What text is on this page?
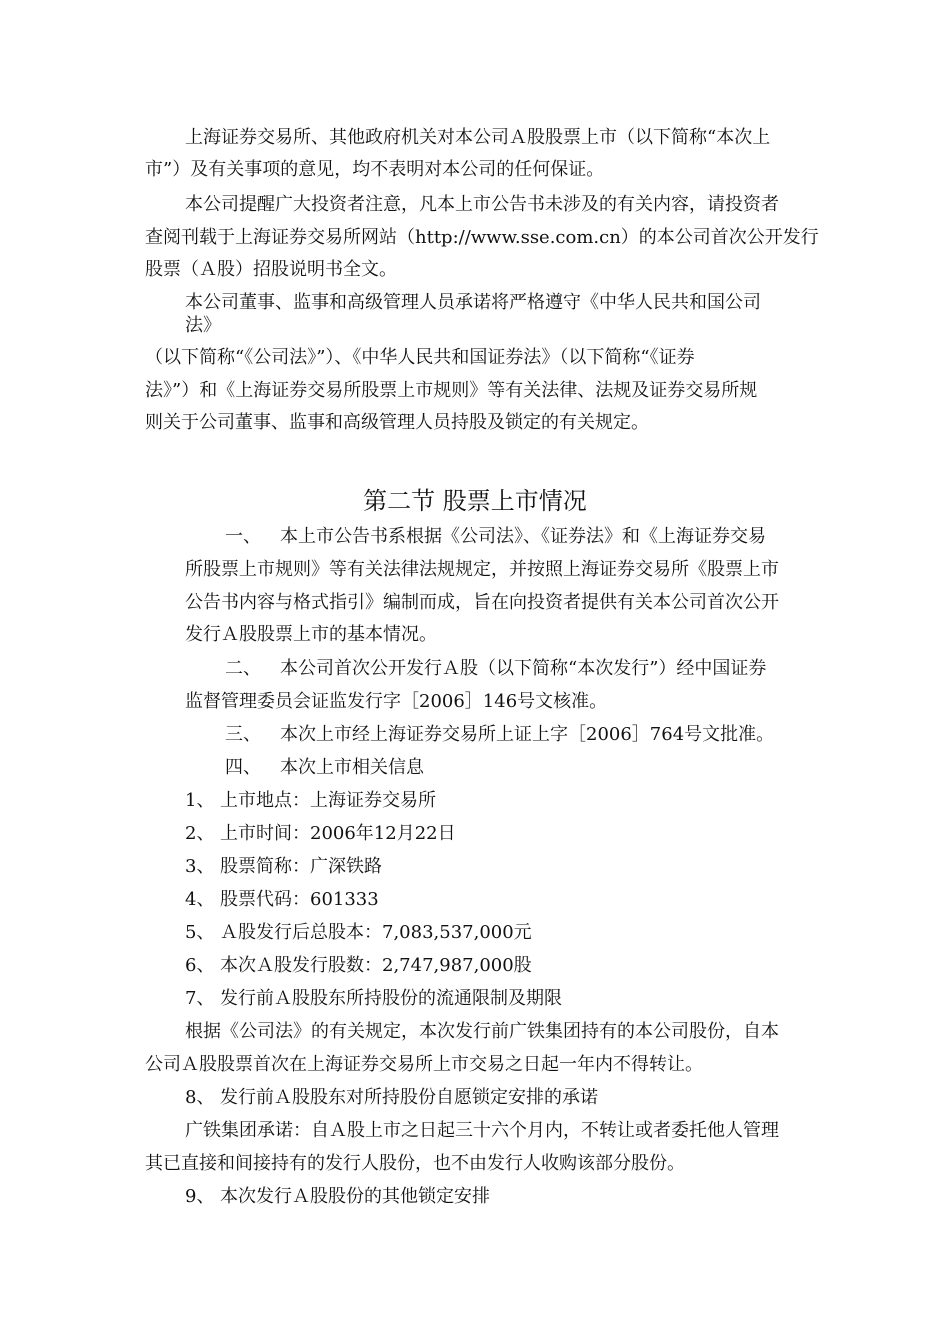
上海证券交易所、其他政府机关对本公司Ａ股股票上市（以下简称“本次上
市”）及有关事项的意见，均不表明对本公司的任何保证。
本公司提醒广大投资者注意，凡本上市公告书未涉及的有关内容，请投资者
查阅刊载于上海证券交易所网站（http://www.sse.com.cn）的本公司首次公开发行
股票（Ａ股）招股说明书全文。
本公司董事、监事和高级管理人员承诺将严格遵守《中华人民共和国公司
法》
（以下简称“《公司法》”）、《中华人民共和国证券法》（以下简称“《证券
法》”）和《上海证券交易所股票上市规则》等有关法律、法规及证券交易所规
则关于公司董事、监事和高级管理人员持股及锁定的有关规定。
第二节 股票上市情况
一、 本上市公告书系根据《公司法》、《证券法》和《上海证券交易
所股票上市规则》等有关法律法规规定，并按照上海证券交易所《股票上市
公告书内容与格式指引》编制而成，旨在向投资者提供有关本公司首次公开
发行Ａ股股票上市的基本情况。
二、 本公司首次公开发行Ａ股（以下简称“本次发行”）经中国证券
监督管理委员会证监发行字［2006］146号文核准。
三、 本次上市经上海证券交易所上证上字［2006］764号文批准。
四、 本次上市相关信息
1、 上市地点：上海证券交易所
2、 上市时间：2006年12月22日
3、 股票简称：广深铁路
4、 股票代码：601333
5、 Ａ股发行后总股本：7,083,537,000元
6、 本次Ａ股发行股数：2,747,987,000股
7、 发行前Ａ股股东所持股份的流通限制及期限
根据《公司法》的有关规定，本次发行前广铁集团持有的本公司股份，自本
公司Ａ股股票首次在上海证券交易所上市交易之日起一年内不得转让。
8、 发行前Ａ股股东对所持股份自愿锁定安排的承诺
广铁集团承诺：自Ａ股上市之日起三十六个月内，不转让或者委托他人管理
其已直接和间接持有的发行人股份，也不由发行人收购该部分股份。
9、 本次发行Ａ股股份的其他锁定安排
